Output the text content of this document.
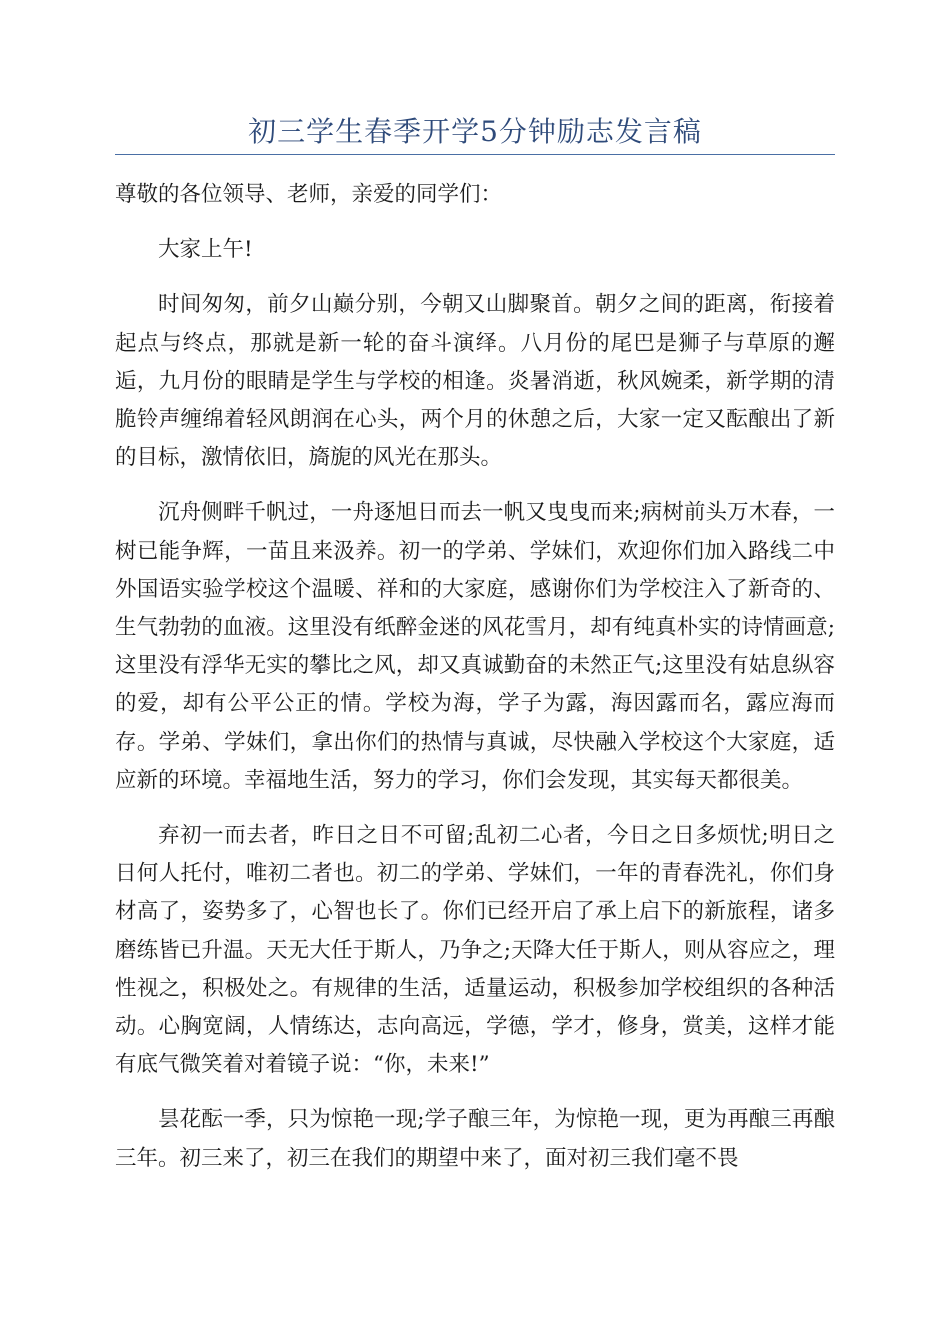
初三学生春季开学5分钟励志发言稿

尊敬的各位领导、老师，亲爱的同学们：

大家上午!

时间匆匆，前夕山巅分别，今朝又山脚聚首。朝夕之间的距离，衔接着起点与终点，那就是新一轮的奋斗演绎。八月份的尾巴是狮子与草原的邂逅，九月份的眼睛是学生与学校的相逢。炎暑消逝，秋风婉柔，新学期的清脆铃声缠绵着轻风朗润在心头，两个月的休憩之后，大家一定又酝酿出了新的目标，激情依旧，旖旎的风光在那头。

沉舟侧畔千帆过，一舟逐旭日而去一帆又曳曳而来;病树前头万木春，一树已能争辉，一苗且来汲养。初一的学弟、学妹们，欢迎你们加入路线二中外国语实验学校这个温暖、祥和的大家庭，感谢你们为学校注入了新奇的、生气勃勃的血液。这里没有纸醉金迷的风花雪月，却有纯真朴实的诗情画意;这里没有浮华无实的攀比之风，却又真诚勤奋的未然正气;这里没有姑息纵容的爱，却有公平公正的情。学校为海，学子为露，海因露而名，露应海而存。学弟、学妹们，拿出你们的热情与真诚，尽快融入学校这个大家庭，适应新的环境。幸福地生活，努力的学习，你们会发现，其实每天都很美。

弃初一而去者，昨日之日不可留;乱初二心者，今日之日多烦忧;明日之日何人托付，唯初二者也。初二的学弟、学妹们，一年的青春洗礼，你们身材高了，姿势多了，心智也长了。你们已经开启了承上启下的新旅程，诸多磨练皆已升温。天无大任于斯人，乃争之;天降大任于斯人，则从容应之，理性视之，积极处之。有规律的生活，适量运动，积极参加学校组织的各种活动。心胸宽阔，人情练达，志向高远，学德，学才，修身，赏美，这样才能有底气微笑着对着镜子说：“你，未来!”

昙花酝一季，只为惊艳一现;学子酿三年，为惊艳一现，更为再酿三再酿三年。初三来了，初三在我们的期望中来了，面对初三我们毫不畏
